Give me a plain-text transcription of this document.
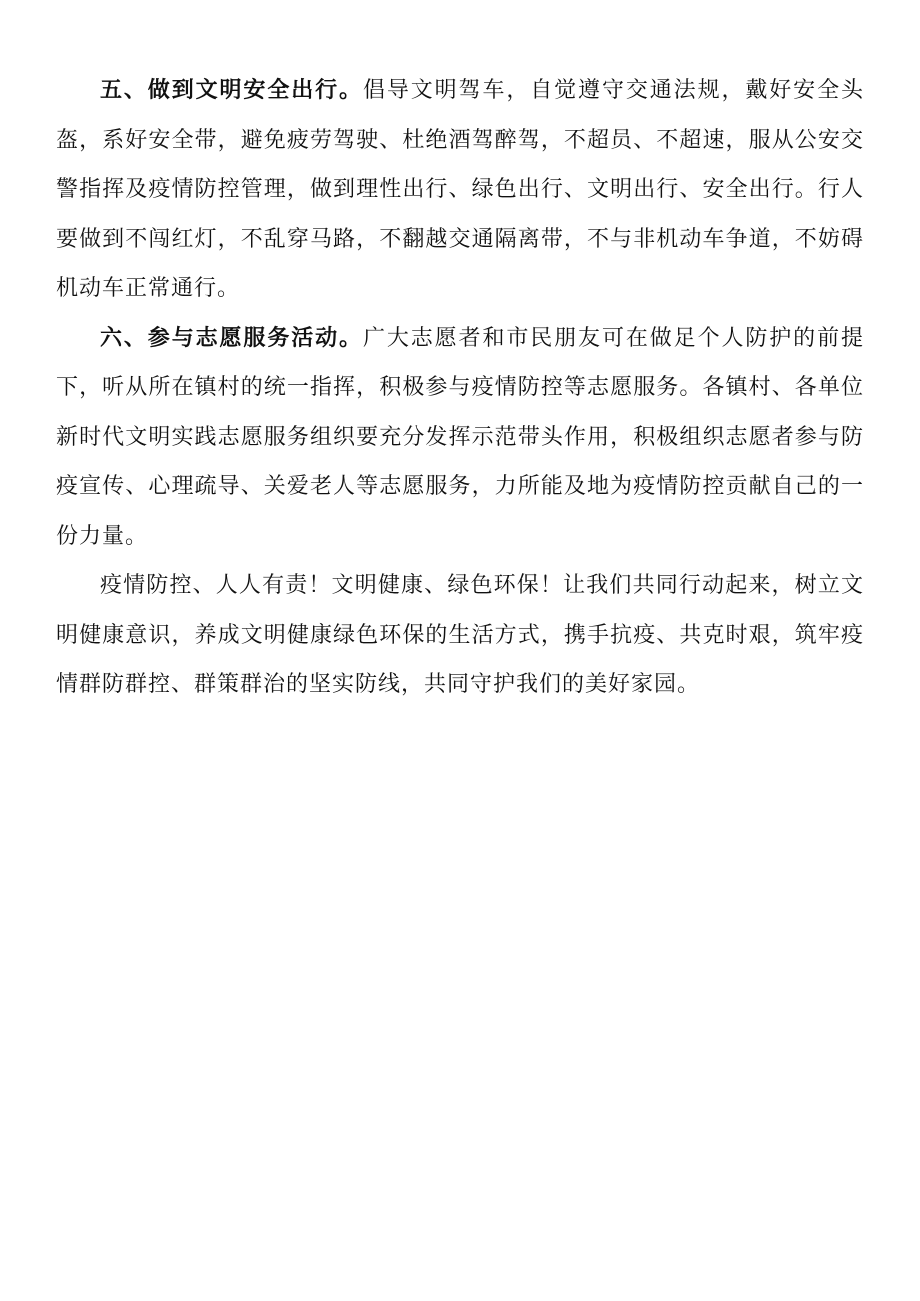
五、做到文明安全出行。倡导文明驾车，自觉遵守交通法规，戴好安全头盔，系好安全带，避免疲劳驾驶、杜绝酒驾醉驾，不超员、不超速，服从公安交警指挥及疫情防控管理，做到理性出行、绿色出行、文明出行、安全出行。行人要做到不闯红灯，不乱穿马路，不翻越交通隔离带，不与非机动车争道，不妨碍机动车正常通行。

六、参与志愿服务活动。广大志愿者和市民朋友可在做足个人防护的前提下，听从所在镇村的统一指挥，积极参与疫情防控等志愿服务。各镇村、各单位新时代文明实践志愿服务组织要充分发挥示范带头作用，积极组织志愿者参与防疫宣传、心理疏导、关爱老人等志愿服务，力所能及地为疫情防控贡献自己的一份力量。

疫情防控、人人有责！文明健康、绿色环保！让我们共同行动起来，树立文明健康意识，养成文明健康绿色环保的生活方式，携手抗疫、共克时艰，筑牢疫情群防群控、群策群治的坚实防线，共同守护我们的美好家园。
